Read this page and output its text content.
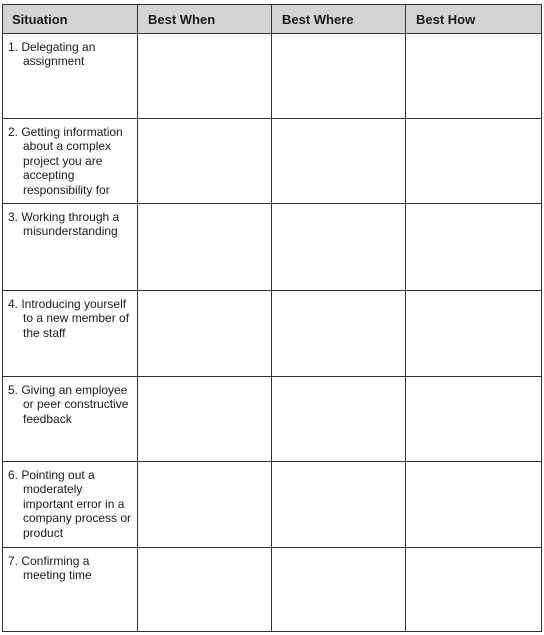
Situation	Best When	Best Where	Best How

1. Delegating an assignment			

2. Getting information about a complex project you are accepting responsibility for			

3. Working through a misunderstanding			

4. Introducing yourself to a new member of the staff			

5. Giving an employee or peer constructive feedback			

6. Pointing out a moderately important error in a company process or product			

7. Confirming a meeting time			
